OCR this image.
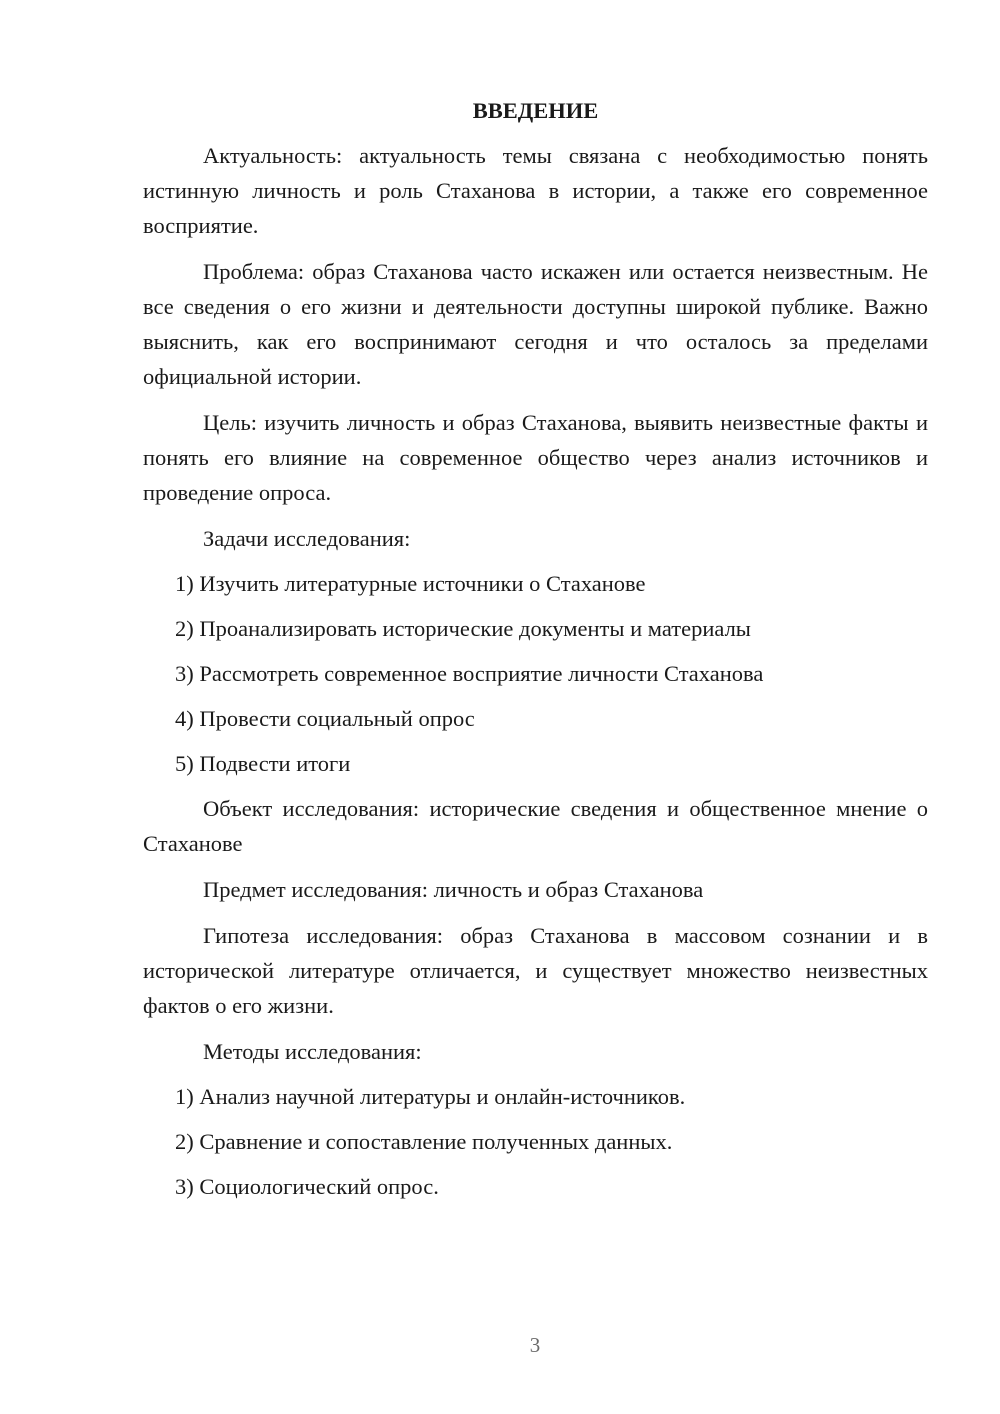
ВВЕДЕНИЕ

Актуальность: актуальность темы связана с необходимостью понять истинную личность и роль Стаханова в истории, а также его современное восприятие.

Проблема: образ Стаханова часто искажен или остается неизвестным. Не все сведения о его жизни и деятельности доступны широкой публике. Важно выяснить, как его воспринимают сегодня и что осталось за пределами официальной истории.

Цель: изучить личность и образ Стаханова, выявить неизвестные факты и понять его влияние на современное общество через анализ источников и проведение опроса.

Задачи исследования:

1) Изучить литературные источники о Стаханове

2) Проанализировать исторические документы и материалы

3) Рассмотреть современное восприятие личности Стаханова

4) Провести социальный опрос

5) Подвести итоги

Объект исследования: исторические сведения и общественное мнение о Стаханове

Предмет исследования: личность и образ Стаханова

Гипотеза исследования: образ Стаханова в массовом сознании и в исторической литературе отличается, и существует множество неизвестных фактов о его жизни.

Методы исследования:

1) Анализ научной литературы и онлайн-источников.

2) Сравнение и сопоставление полученных данных.

3) Социологический опрос.

3
